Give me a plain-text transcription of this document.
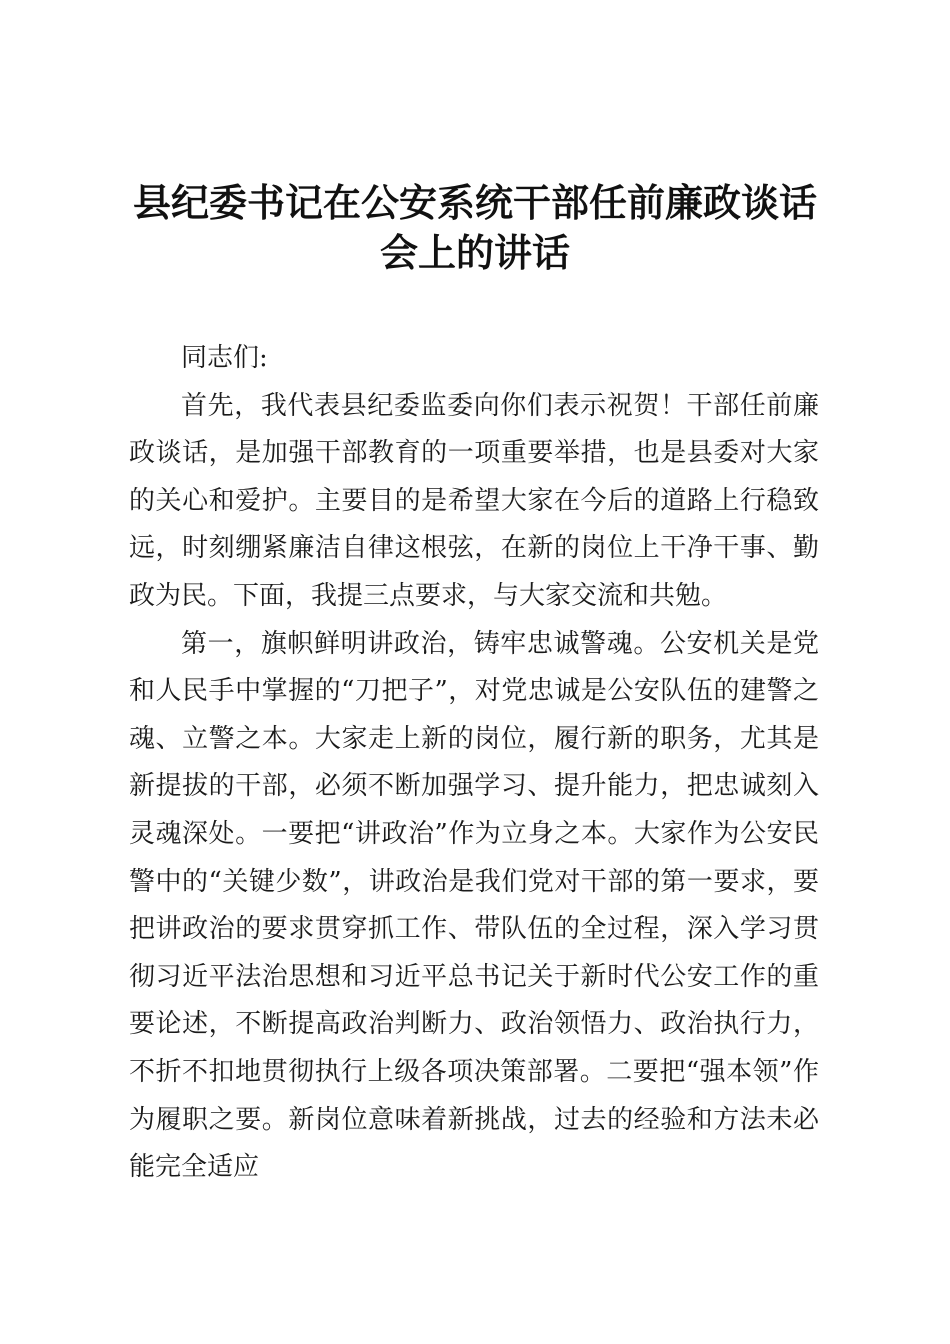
县纪委书记在公安系统干部任前廉政谈话会上的讲话

同志们:

首先，我代表县纪委监委向你们表示祝贺！干部任前廉政谈话，是加强干部教育的一项重要举措，也是县委对大家的关心和爱护。主要目的是希望大家在今后的道路上行稳致远，时刻绷紧廉洁自律这根弦，在新的岗位上干净干事、勤政为民。下面，我提三点要求，与大家交流和共勉。

第一，旗帜鲜明讲政治，铸牢忠诚警魂。公安机关是党和人民手中掌握的“刀把子”，对党忠诚是公安队伍的建警之魂、立警之本。大家走上新的岗位，履行新的职务，尤其是新提拔的干部，必须不断加强学习、提升能力，把忠诚刻入灵魂深处。一要把“讲政治”作为立身之本。大家作为公安民警中的“关键少数”，讲政治是我们党对干部的第一要求，要把讲政治的要求贯穿抓工作、带队伍的全过程，深入学习贯彻习近平法治思想和习近平总书记关于新时代公安工作的重要论述，不断提高政治判断力、政治领悟力、政治执行力，不折不扣地贯彻执行上级各项决策部署。二要把“强本领”作为履职之要。新岗位意味着新挑战，过去的经验和方法未必能完全适应
